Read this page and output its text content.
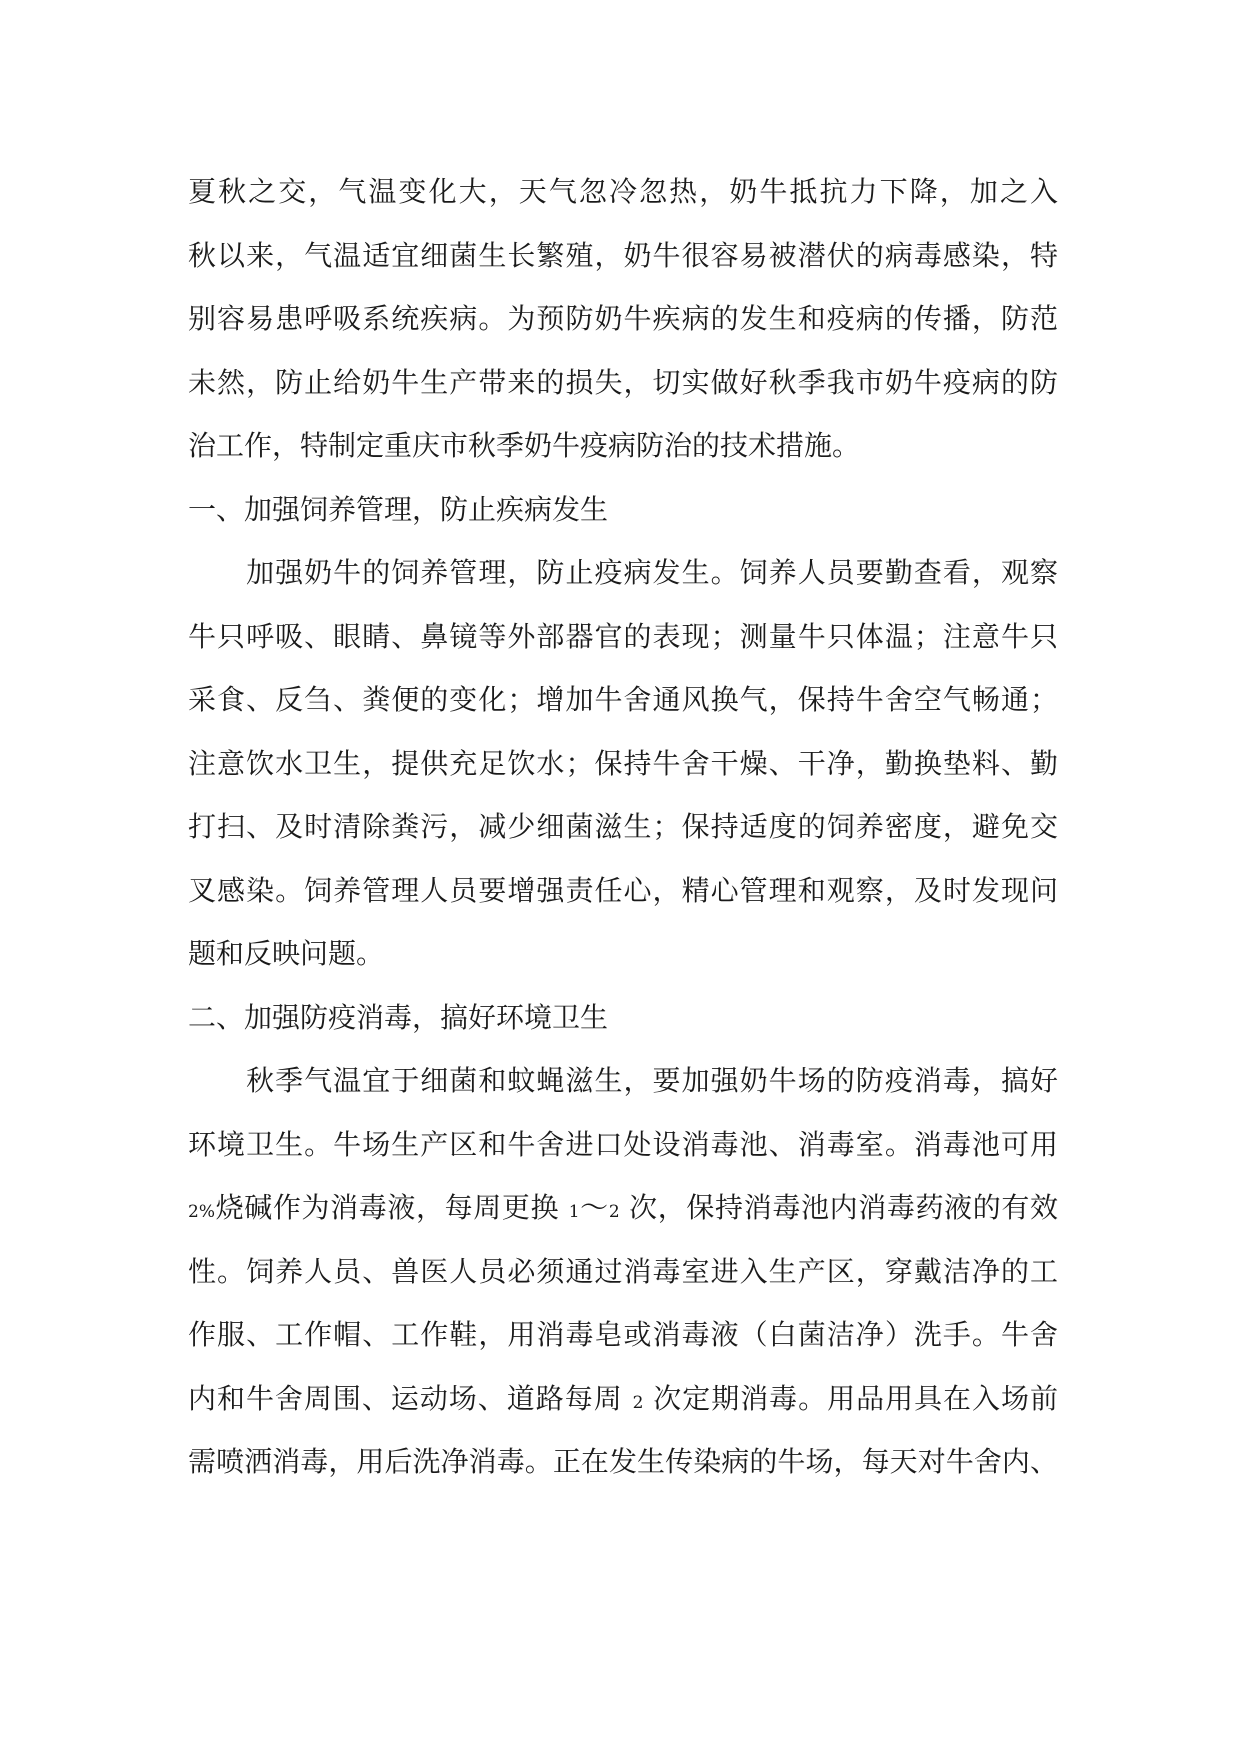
夏秋之交，气温变化大，天气忽冷忽热，奶牛抵抗力下降，加之入
秋以来，气温适宜细菌生长繁殖，奶牛很容易被潜伏的病毒感染，特
别容易患呼吸系统疾病。为预防奶牛疾病的发生和疫病的传播，防范
未然，防止给奶牛生产带来的损失，切实做好秋季我市奶牛疫病的防
治工作，特制定重庆市秋季奶牛疫病防治的技术措施。
一、加强饲养管理，防止疾病发生
　　加强奶牛的饲养管理，防止疫病发生。饲养人员要勤查看，观察
牛只呼吸、眼睛、鼻镜等外部器官的表现；测量牛只体温；注意牛只
采食、反刍、粪便的变化；增加牛舍通风换气，保持牛舍空气畅通；
注意饮水卫生，提供充足饮水；保持牛舍干燥、干净，勤换垫料、勤
打扫、及时清除粪污，减少细菌滋生；保持适度的饲养密度，避免交
叉感染。饲养管理人员要增强责任心，精心管理和观察，及时发现问
题和反映问题。
二、加强防疫消毒，搞好环境卫生
　　秋季气温宜于细菌和蚊蝇滋生，要加强奶牛场的防疫消毒，搞好
环境卫生。牛场生产区和牛舍进口处设消毒池、消毒室。消毒池可用
2%烧碱作为消毒液，每周更换 1～2 次，保持消毒池内消毒药液的有效
性。饲养人员、兽医人员必须通过消毒室进入生产区，穿戴洁净的工
作服、工作帽、工作鞋，用消毒皂或消毒液（白菌洁净）洗手。牛舍
内和牛舍周围、运动场、道路每周 2 次定期消毒。用品用具在入场前
需喷洒消毒，用后洗净消毒。正在发生传染病的牛场，每天对牛舍内、
